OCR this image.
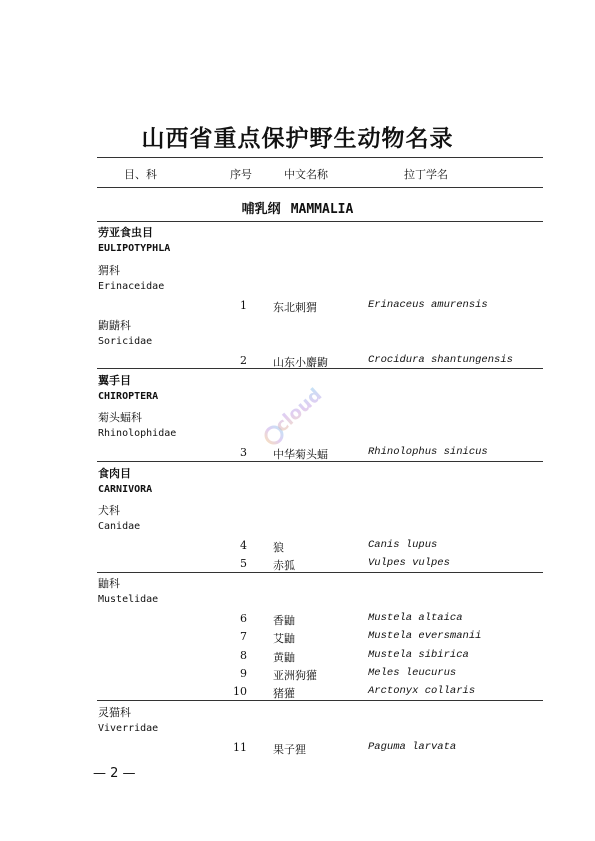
山西省重点保护野生动物名录
目、科	序号	中文名称	拉丁学名
哺乳纲 MAMMALIA
劳亚食虫目
EULIPOTYPHLA
猬科
Erinaceidae
1 东北刺猬	Erinaceus amurensis
鼩鼱科
Soricidae
2 山东小麝鼩	Crocidura shantungensis
翼手目
CHIROPTERA
菊头蝠科
Rhinolophidae
3 中华菊头蝠	Rhinolophus sinicus
食肉目
CARNIVORA
犬科
Canidae
4 狼	Canis lupus
5 赤狐	Vulpes vulpes
鼬科
Mustelidae
6 香鼬	Mustela altaica
7 艾鼬	Mustela eversmanii
8 黄鼬	Mustela sibirica
9 亚洲狗獾	Meles leucurus
10 猪獾	Arctonyx collaris
灵猫科
Viverridae
11 果子狸	Paguma larvata
— 2 —
cloud
